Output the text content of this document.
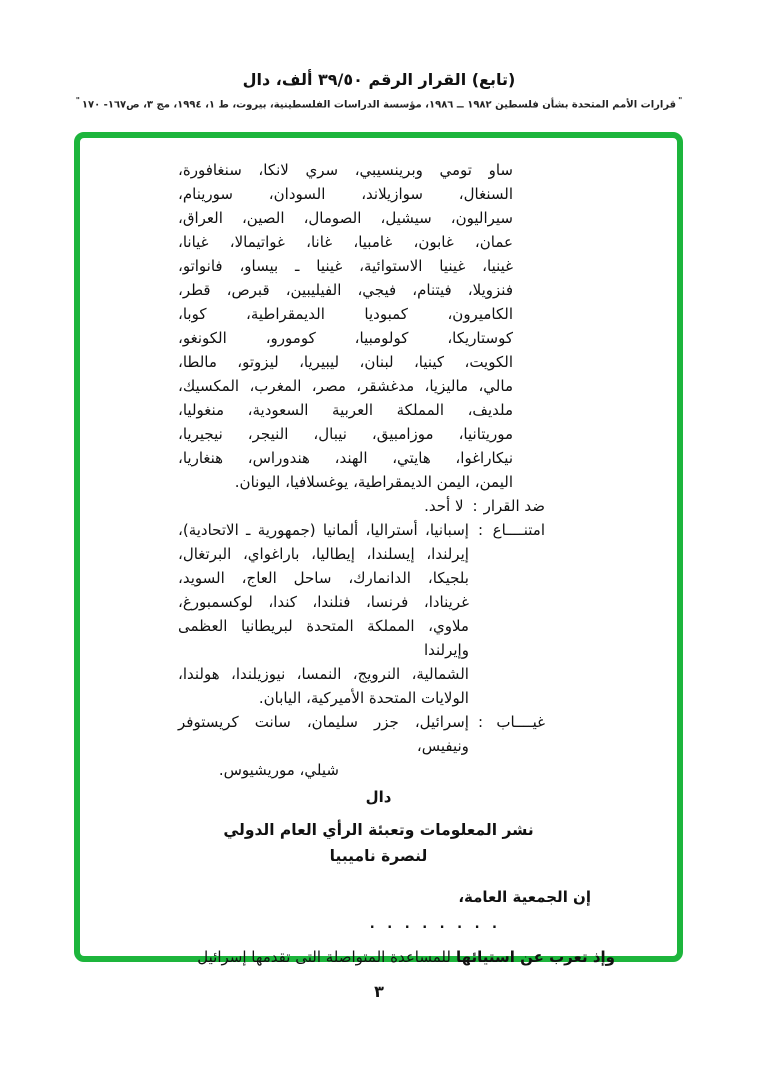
(تابع) القرار الرقم ٣٩/٥٠ ألف، دال
"قرارات الأمم المتحدة بشأن فلسطين ١٩٨٢ ــ ١٩٨٦، مؤسسة الدراسات الفلسطينية، بيروت، ط ١، ١٩٩٤، مج ٣، ص١٦٧- ١٧٠"
ساو تومي وبرينسيبي، سري لانكا، سنغافورة،
السنغال، سوازيلاند، السودان، سورينام،
سيراليون، سيشيل، الصومال، الصين، العراق،
عمان، غابون، غامبيا، غانا، غواتيمالا، غيانا،
غينيا، غينيا الاستوائية، غينيا ـ بيساو، فانواتو،
فنزويلا، فيتنام، فيجي، الفيليبين، قبرص، قطر،
الكاميرون، كمبوديا الديمقراطية، كوبا،
كوستاريكا، كولومبيا، كومورو، الكونغو،
الكويت، كينيا، لبنان، ليبيريا، ليزوتو، مالطا،
مالي، ماليزيا، مدغشقر، مصر، المغرب، المكسيك،
ملديف، المملكة العربية السعودية، منغوليا،
موريتانيا، موزامبيق، نيبال، النيجر، نيجيريا،
نيكاراغوا، هايتي، الهند، هندوراس، هنغاريا،
اليمن، اليمن الديمقراطية، يوغسلافيا، اليونان.
ضد القرار
:
لا أحد.
امتنــــاع
:
إسبانيا، أستراليا، ألمانيا (جمهورية ـ الاتحادية)،
إيرلندا، إيسلندا، إيطاليا، باراغواي، البرتغال،
بلجيكا، الدانمارك، ساحل العاج، السويد،
غرينادا، فرنسا، فنلندا، كندا، لوكسمبورغ،
ملاوي، المملكة المتحدة لبريطانيا العظمى وإيرلندا
الشمالية، النرويج، النمسا، نيوزيلندا، هولندا،
الولايات المتحدة الأميركية، اليابان.
غيــــاب
:
إسرائيل، جزر سليمان، سانت كريستوفر ونيفيس،
شيلي، موريشيوس.
دال
نشر المعلومات وتعبئة الرأي العام الدولي
لنصرة ناميبيا
إن الجمعية العامة،
. . . . . . . .
وإذ تعرب عن استيائهاللمساعدة المتواصلة التى تقدمها إسرائيل
٣
